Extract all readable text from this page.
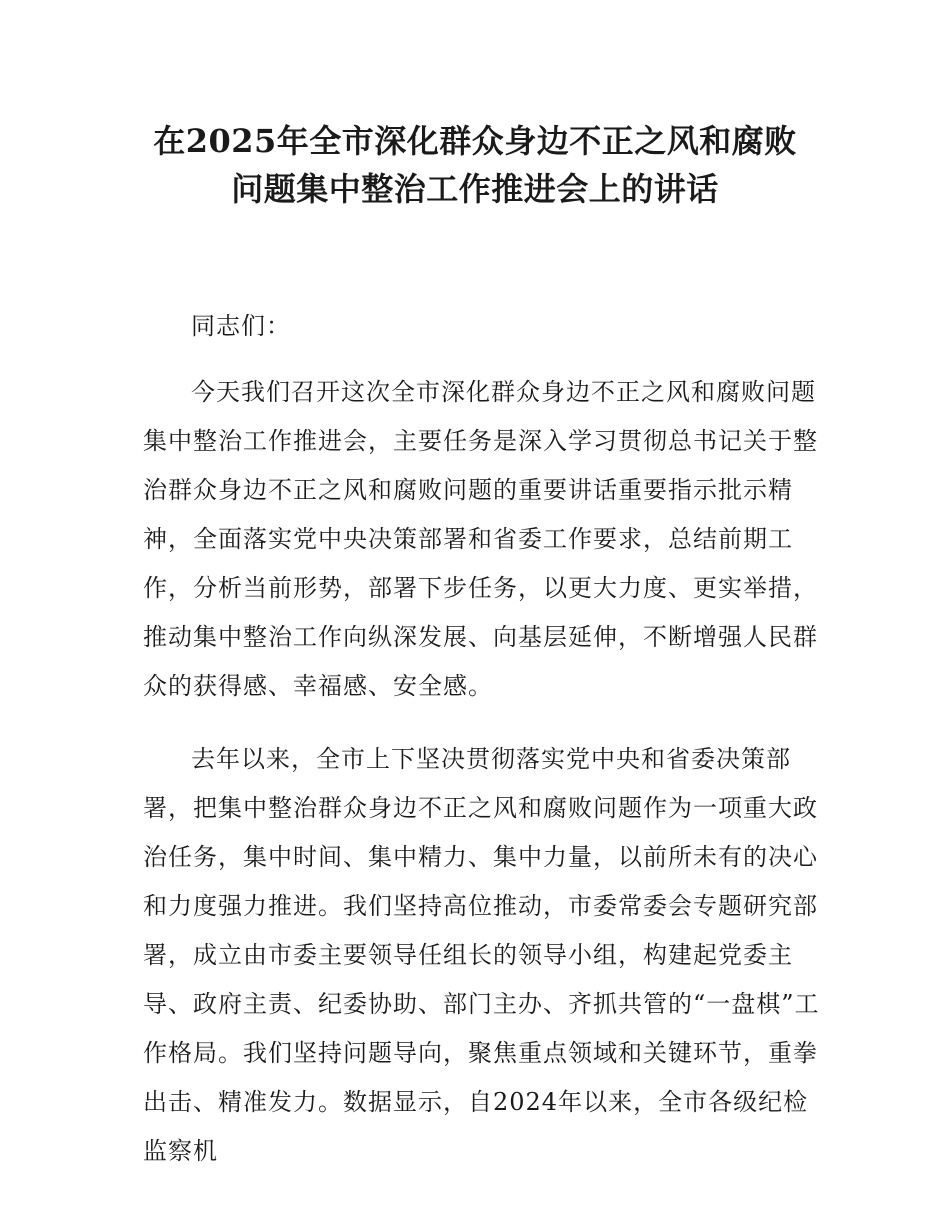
在2025年全市深化群众身边不正之风和腐败
问题集中整治工作推进会上的讲话
同志们：

今天我们召开这次全市深化群众身边不正之风和腐败问题集中整治工作推进会，主要任务是深入学习贯彻总书记关于整治群众身边不正之风和腐败问题的重要讲话重要指示批示精神，全面落实党中央决策部署和省委工作要求，总结前期工作，分析当前形势，部署下步任务，以更大力度、更实举措，推动集中整治工作向纵深发展、向基层延伸，不断增强人民群众的获得感、幸福感、安全感。

去年以来，全市上下坚决贯彻落实党中央和省委决策部署，把集中整治群众身边不正之风和腐败问题作为一项重大政治任务，集中时间、集中精力、集中力量，以前所未有的决心和力度强力推进。我们坚持高位推动，市委常委会专题研究部署，成立由市委主要领导任组长的领导小组，构建起党委主导、政府主责、纪委协助、部门主办、齐抓共管的“一盘棋”工作格局。我们坚持问题导向，聚焦重点领域和关键环节，重拳出击、精准发力。数据显示，自2024年以来，全市各级纪检监察机
